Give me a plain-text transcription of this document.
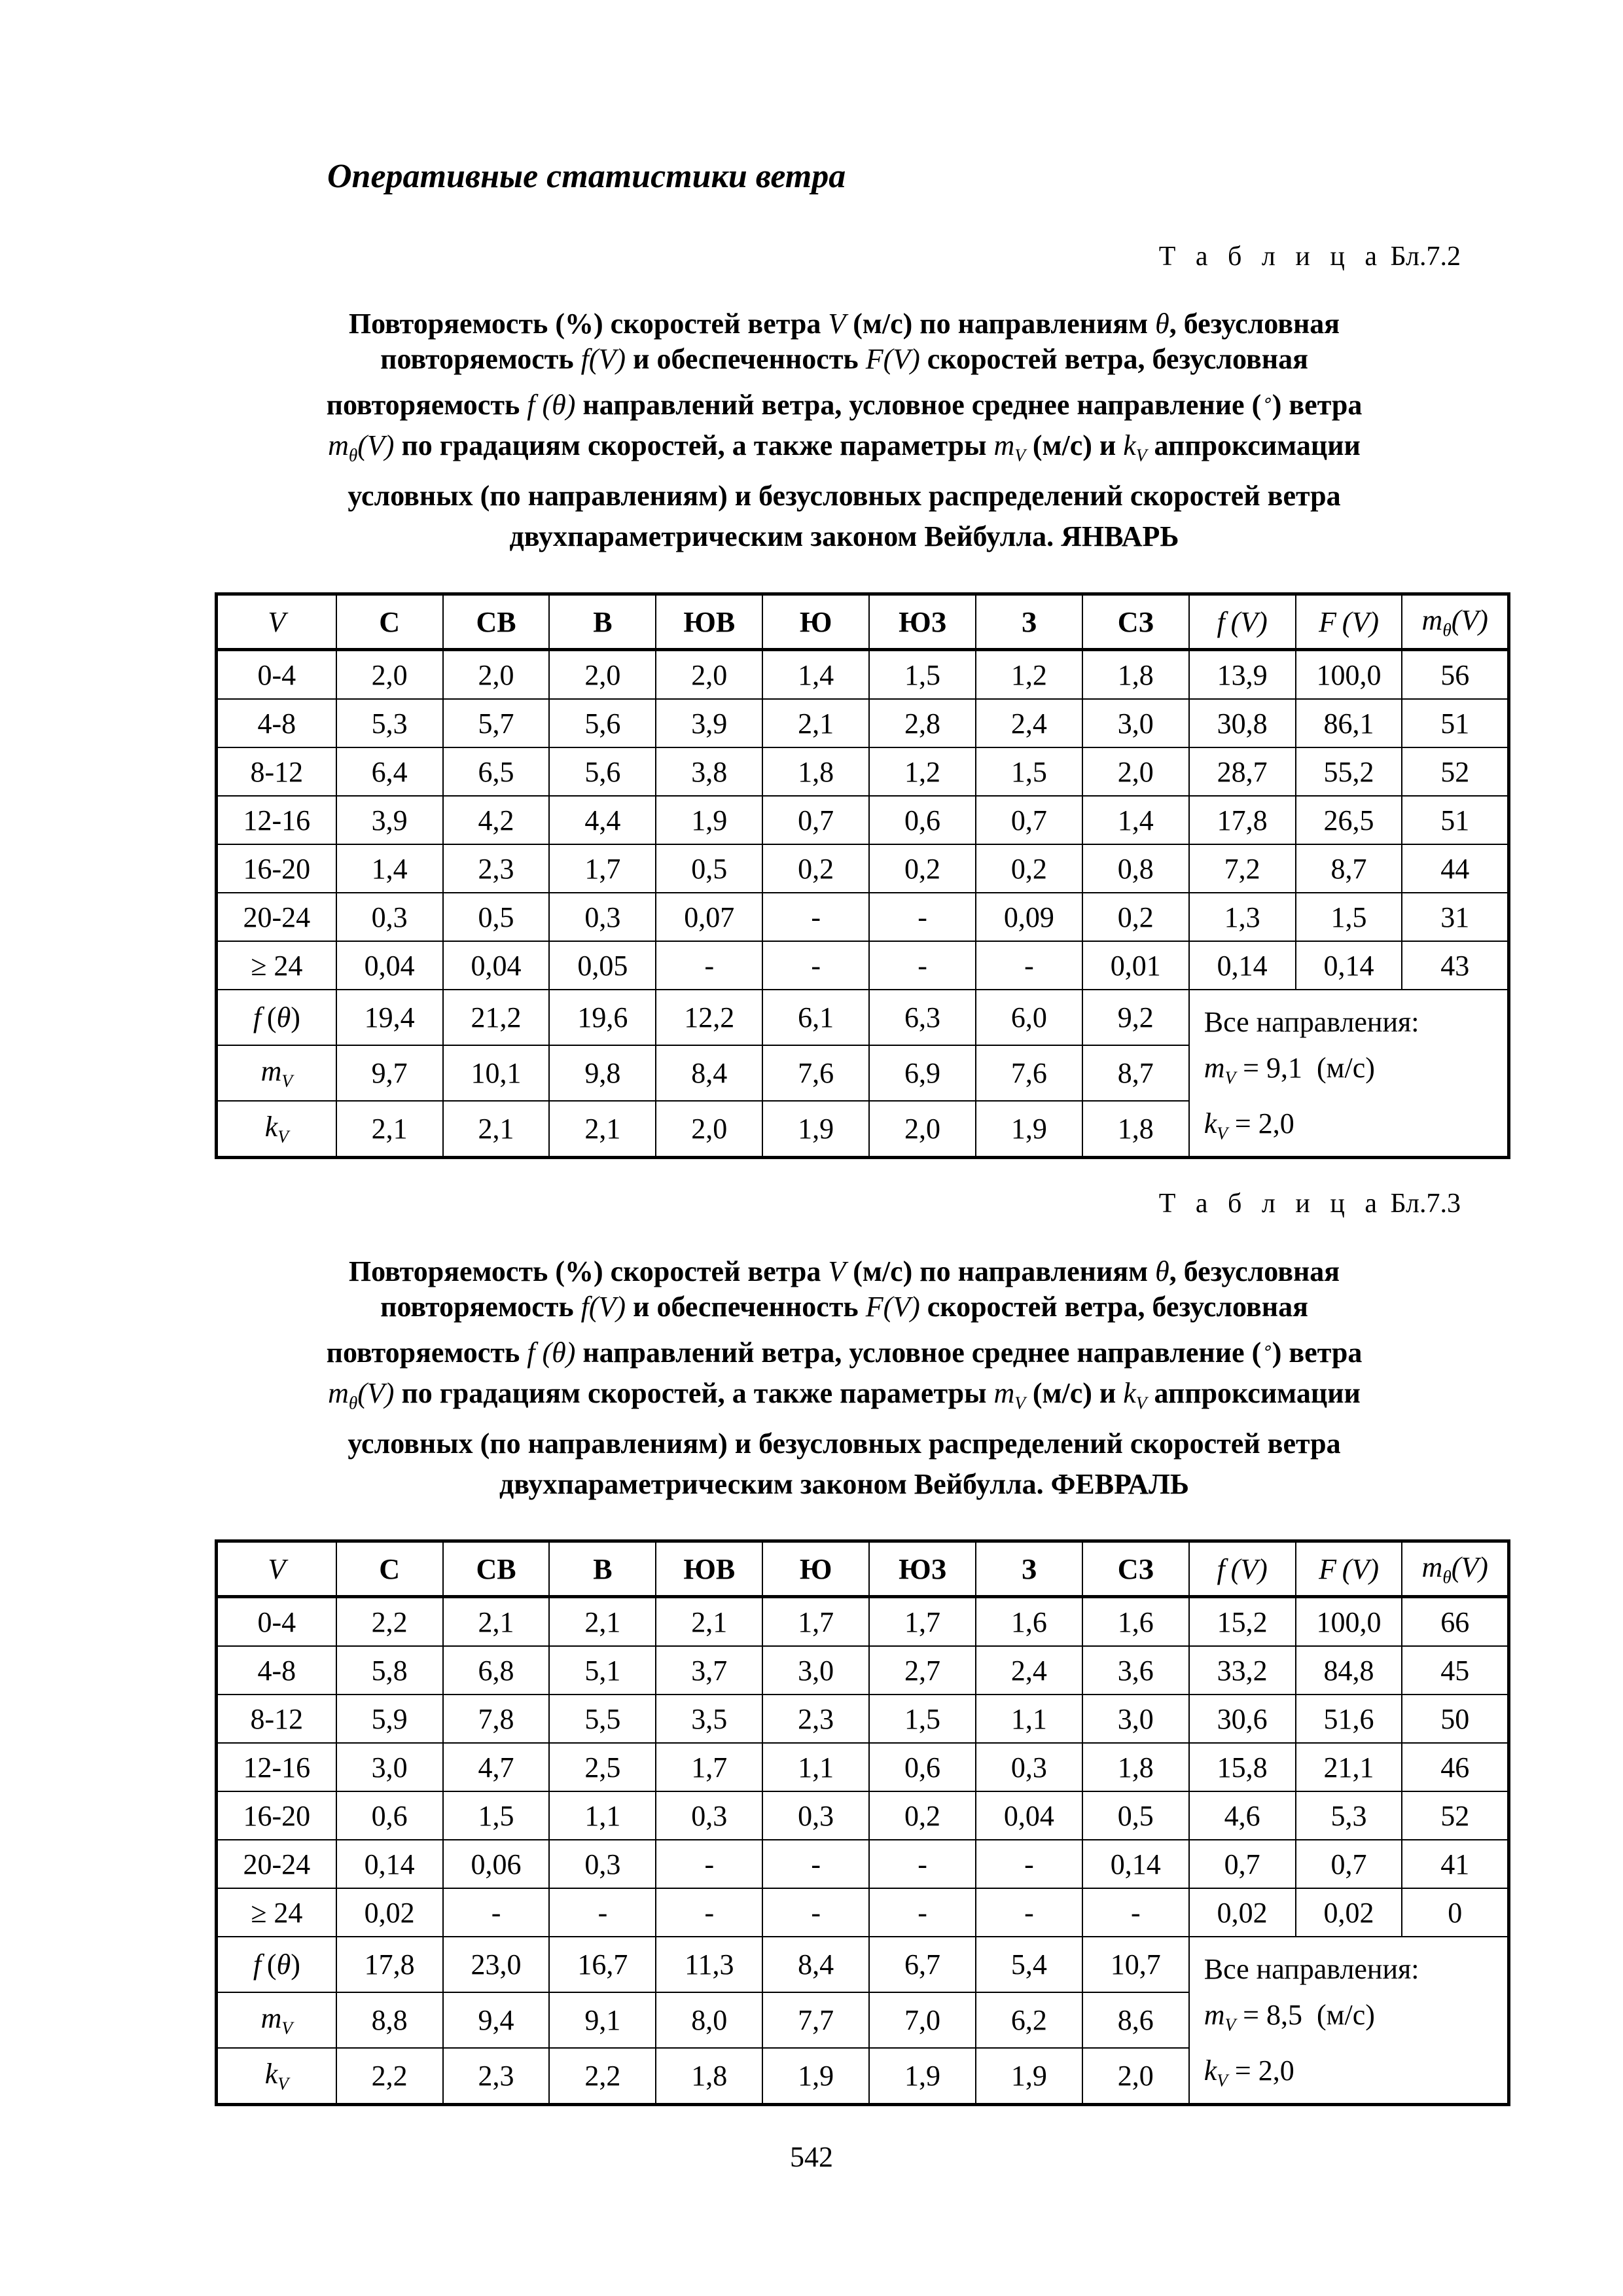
Оперативные статистики ветра
Т а б л и ц а Бл.7.2
Повторяемость (%) скоростей ветра V (м/с) по направлениям θ, безусловная
повторяемость f(V) и обеспеченность F(V) скоростей ветра, безусловная
повторяемость f (θ) направлений ветра, условное среднее направление (∘) ветра
$m_\theta(V)$ по градациям скоростей, а также параметры $m_V$ (м/с) и $k_V$ аппроксимации
условных (по направлениям) и безусловных распределений скоростей ветра
двухпараметрическим законом Вейбулла. ЯНВАРЬ
V	С	СВ	В	ЮВ	Ю	ЮЗ	З	СЗ	f (V)	F (V)	$m_\theta(V)$
0-4	2,0	2,0	2,0	2,0	1,4	1,5	1,2	1,8	13,9	100,0	56
4-8	5,3	5,7	5,6	3,9	2,1	2,8	2,4	3,0	30,8	86,1	51
8-12	6,4	6,5	5,6	3,8	1,8	1,2	1,5	2,0	28,7	55,2	52
12-16	3,9	4,2	4,4	1,9	0,7	0,6	0,7	1,4	17,8	26,5	51
16-20	1,4	2,3	1,7	0,5	0,2	0,2	0,2	0,8	7,2	8,7	44
20-24	0,3	0,5	0,3	0,07	-	-	0,09	0,2	1,3	1,5	31
≥ 24	0,04	0,04	0,05	-	-	-	-	0,01	0,14	0,14	43
f (θ)	19,4	21,2	19,6	12,2	6,1	6,3	6,0	9,2	Все направления:
$m_V = 9,1$ (м/с)
$k_V = 2,0$		

$m_V$	9,7	10,1	9,8	8,4	7,6	6,9	7,6	8,7			
$k_V$	2,1	2,1	2,1	2,0	1,9	2,0	1,9	1,8			
Т а б л и ц а Бл.7.3
Повторяемость (%) скоростей ветра V (м/с) по направлениям θ, безусловная
повторяемость f(V) и обеспеченность F(V) скоростей ветра, безусловная
повторяемость f (θ) направлений ветра, условное среднее направление (∘) ветра
$m_\theta(V)$ по градациям скоростей, а также параметры $m_V$ (м/с) и $k_V$ аппроксимации
условных (по направлениям) и безусловных распределений скоростей ветра
двухпараметрическим законом Вейбулла. ФЕВРАЛЬ
V	С	СВ	В	ЮВ	Ю	ЮЗ	З	СЗ	f (V)	F (V)	$m_\theta(V)$
0-4	2,2	2,1	2,1	2,1	1,7	1,7	1,6	1,6	15,2	100,0	66
4-8	5,8	6,8	5,1	3,7	3,0	2,7	2,4	3,6	33,2	84,8	45
8-12	5,9	7,8	5,5	3,5	2,3	1,5	1,1	3,0	30,6	51,6	50
12-16	3,0	4,7	2,5	1,7	1,1	0,6	0,3	1,8	15,8	21,1	46
16-20	0,6	1,5	1,1	0,3	0,3	0,2	0,04	0,5	4,6	5,3	52
20-24	0,14	0,06	0,3	-	-	-	-	0,14	0,7	0,7	41
≥ 24	0,02	-	-	-	-	-	-	-	0,02	0,02	0
f (θ)	17,8	23,0	16,7	11,3	8,4	6,7	5,4	10,7	Все направления:
$m_V = 8,5$ (м/с)
$k_V = 2,0$		

$m_V$	8,8	9,4	9,1	8,0	7,7	7,0	6,2	8,6			
$k_V$	2,2	2,3	2,2	1,8	1,9	1,9	1,9	2,0			
542
